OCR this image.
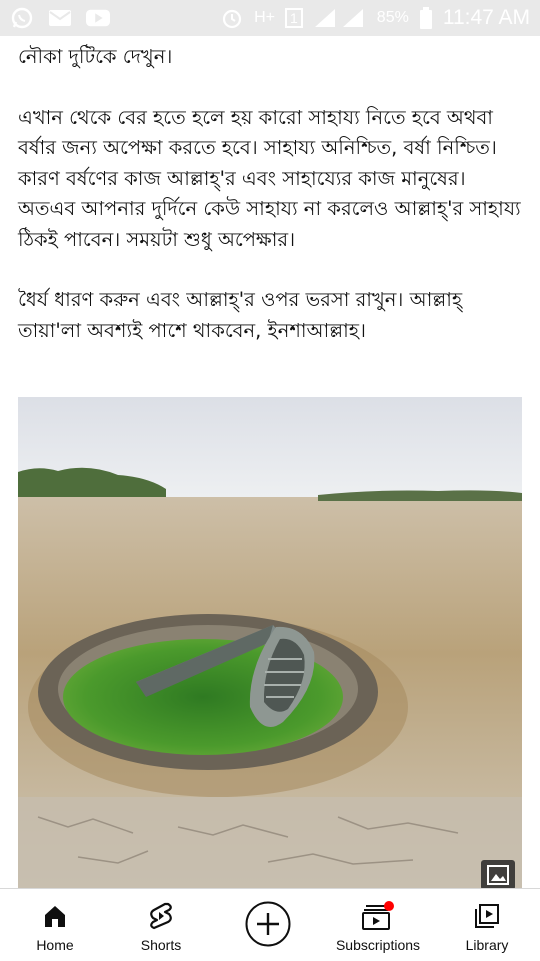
H+	1	85% 11:47 AM

নৌকা দুটিকে দেখুন।

এখান থেকে বের হতে হলে হয় কারো সাহায্য নিতে হবে অথবা বর্ষার জন্য অপেক্ষা করতে হবে। সাহায্য অনিশ্চিত, বর্ষা নিশ্চিত। কারণ বর্ষণের কাজ আল্লাহ্'র এবং সাহায্যের কাজ মানুষের। অতএব আপনার দুর্দিনে কেউ সাহায্য না করলেও আল্লাহ্'র সাহায্য ঠিকই পাবেন। সময়টা শুধু অপেক্ষার।

ধৈর্য ধারণ করুন এবং আল্লাহ্'র ওপর ভরসা রাখুন। আল্লাহ্ তায়া'লা অবশ্যই পাশে থাকবেন, ইনশাআল্লাহ।

Home	Shorts	Subscriptions	Library
